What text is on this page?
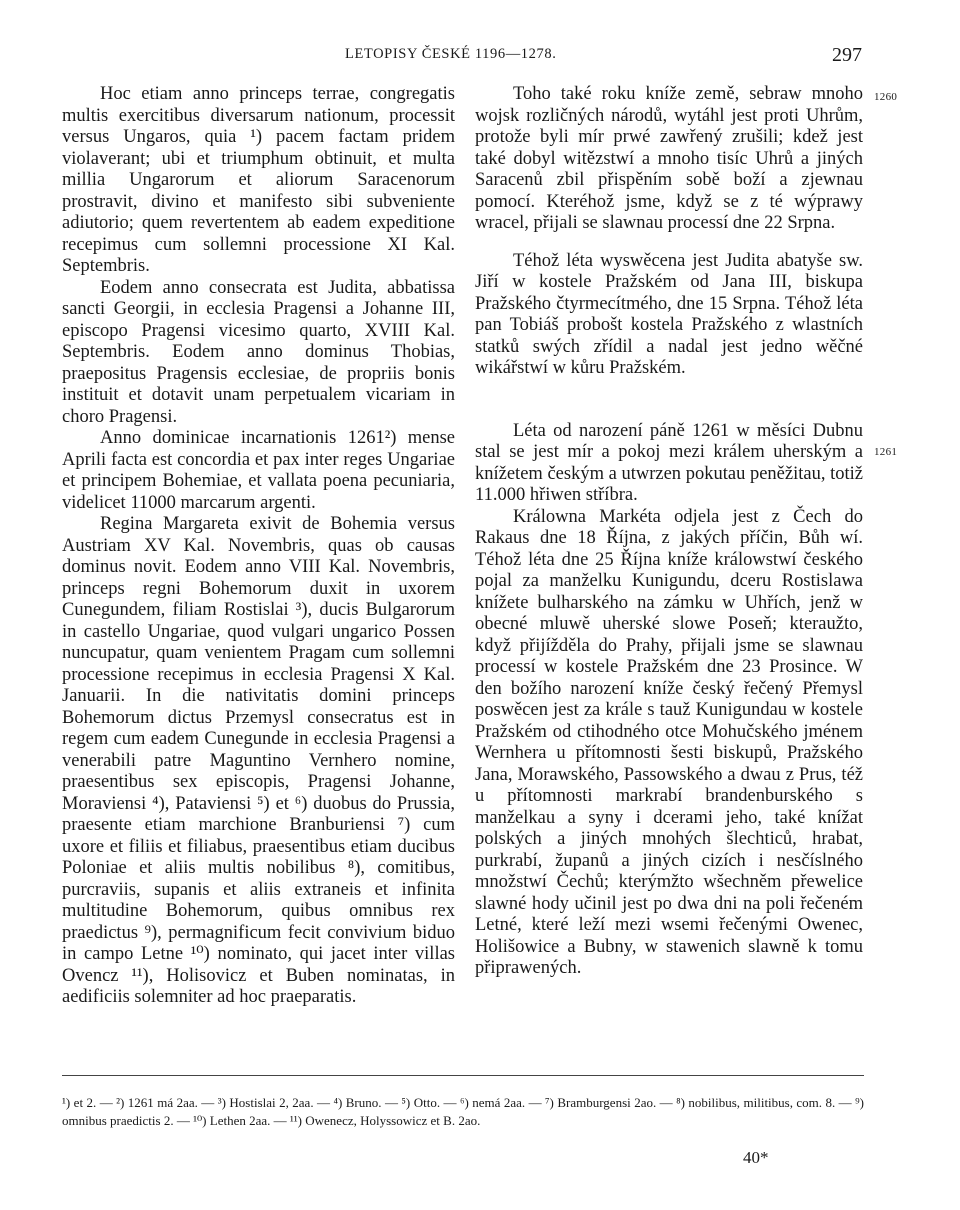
LETOPISY ČESKÉ 1196—1278.	297

Hoc etiam anno princeps terrae, congregatis multis exercitibus diversarum nationum, processit versus Ungaros, quia ¹) pacem factam pridem violaverant; ubi et triumphum obtinuit, et multa millia Ungarorum et aliorum Saracenorum prostravit, divino et manifesto sibi subveniente adiutorio; quem revertentem ab eadem expeditione recepimus cum sollemni processione XI Kal. Septembris.

Eodem anno consecrata est Judita, abbatissa sancti Georgii, in ecclesia Pragensi a Johanne III, episcopo Pragensi vicesimo quarto, XVIII Kal. Septembris. Eodem anno dominus Thobias, praepositus Pragensis ecclesiae, de propriis bonis instituit et dotavit unam perpetualem vicariam in choro Pragensi.

Anno dominicae incarnationis 1261²) mense Aprili facta est concordia et pax inter reges Ungariae et principem Bohemiae, et vallata poena pecuniaria, videlicet 11000 marcarum argenti.

Regina Margareta exivit de Bohemia versus Austriam XV Kal. Novembris, quas ob causas dominus novit. Eodem anno VIII Kal. Novembris, princeps regni Bohemorum duxit in uxorem Cunegundem, filiam Rostislai ³), ducis Bulgarorum in castello Ungariae, quod vulgari ungarico Possen nuncupatur, quam venientem Pragam cum sollemni processione recepimus in ecclesia Pragensi X Kal. Januarii. In die nativitatis domini princeps Bohemorum dictus Przemysl consecratus est in regem cum eadem Cunegunde in ecclesia Pragensi a venerabili patre Maguntino Vernhero nomine, praesentibus sex episcopis, Pragensi Johanne, Moraviensi ⁴), Pataviensi ⁵) et ⁶) duobus do Prussia, praesente etiam marchione Branburiensi ⁷) cum uxore et filiis et filiabus, praesentibus etiam ducibus Poloniae et aliis multis nobilibus ⁸), comitibus, purcraviis, supanis et aliis extraneis et infinita multitudine Bohemorum, quibus omnibus rex praedictus ⁹), permagnificum fecit convivium biduo in campo Letne ¹⁰) nominato, qui jacet inter villas Ovencz ¹¹), Holisovicz et Buben nominatas, in aedificiis solemniter ad hoc praeparatis.

Toho také roku kníže země, sebraw mnoho wojsk rozličných národů, wytáhl jest proti Uhrům, protože byli mír prwé zawřený zrušili; kdež jest také dobyl witězstwí a mnoho tisíc Uhrů a jiných Saracenů zbil přispěním sobě boží a zjewnau pomocí. Kteréhož jsme, když se z té wýprawy wracel, přijali se slawnau processí dne 22 Srpna.

Téhož léta wyswěcena jest Judita abatyše sw. Jiří w kostele Pražském od Jana III, biskupa Pražského čtyrmecítmého, dne 15 Srpna. Téhož léta pan Tobiáš probošt kostela Pražského z wlastních statků swých zřídil a nadal jest jedno wěčné wikářstwí w kůru Pražském.

Léta od narození páně 1261 w měsíci Dubnu stal se jest mír a pokoj mezi králem uherským a knížetem českým a utwrzen pokutau peněžitau, totiž 11.000 hřiwen stříbra.

Králowna Markéta odjela jest z Čech do Rakaus dne 18 Října, z jakých příčin, Bůh wí. Téhož léta dne 25 Října kníže králowstwí českého pojal za manželku Kunigundu, dceru Rostislawa knížete bulharského na zámku w Uhřích, jenž w obecné mluwě uherské slowe Poseň; kteraužto, když přijížděla do Prahy, přijali jsme se slawnau processí w kostele Pražském dne 23 Prosince. W den božího narození kníže český řečený Přemysl poswěcen jest za krále s tauž Kunigundau w kostele Pražském od ctihodného otce Mohučského jménem Wernhera u přítomnosti šesti biskupů, Pražského Jana, Morawského, Passowského a dwau z Prus, též u přítomnosti markrabí brandenburského s manželkau a syny i dcerami jeho, také knížat polských a jiných mnohých šlechticů, hrabat, purkrabí, županů a jiných cizích i nesčíslného množstwí Čechů; kterýmžto wšechněm přewelice slawné hody učinil jest po dwa dni na poli řečeném Letné, které leží mezi wsemi řečenými Owenec, Holišowice a Bubny, w stawenich slawně k tomu připrawených.

1260
1261

¹) et 2. — ²) 1261 má 2aa. — ³) Hostislai 2, 2aa. — ⁴) Bruno. — ⁵) Otto. — ⁶) nemá 2aa. — ⁷) Bramburgensi 2ao. — ⁸) nobilibus, militibus, com. 8. — ⁹) omnibus praedictis 2. — ¹⁰) Lethen 2aa. — ¹¹) Owenecz, Holyssowicz et B. 2ao.

40*
